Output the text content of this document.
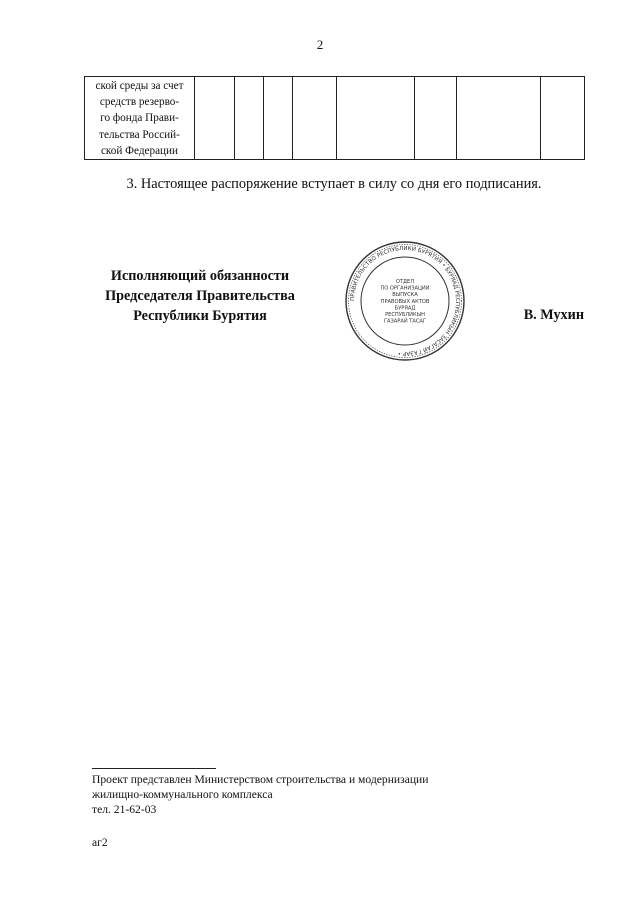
2
ской среды за счет
средств резерво-
го фонда Прави-
тельства Россий-
ской Федерации

3. Настоящее распоряжение вступает в силу со дня его подписания.
Исполняющий обязанности
Председателя Правительства
Республики Бурятия
ПРАВИТЕЛЬСТВО РЕСПУБЛИКИ БУРЯТИЯ • БУРЯАД РЕСПУБЛИКЫН ЗАСАГАЙ ГАЗАР •
ОТДЕЛ
ПО ОРГАНИЗАЦИИ
ВЫПУСКА
ПРАВОВЫХ АКТОВ
БУРЯАД
РЕСПУБЛИКЫН
ГАЗАРАЙ ТАСАГ	В. Мухин
Проект представлен Министерством строительства и модернизации
жилищно-коммунального комплекса
тел. 21-62-03
аг2
